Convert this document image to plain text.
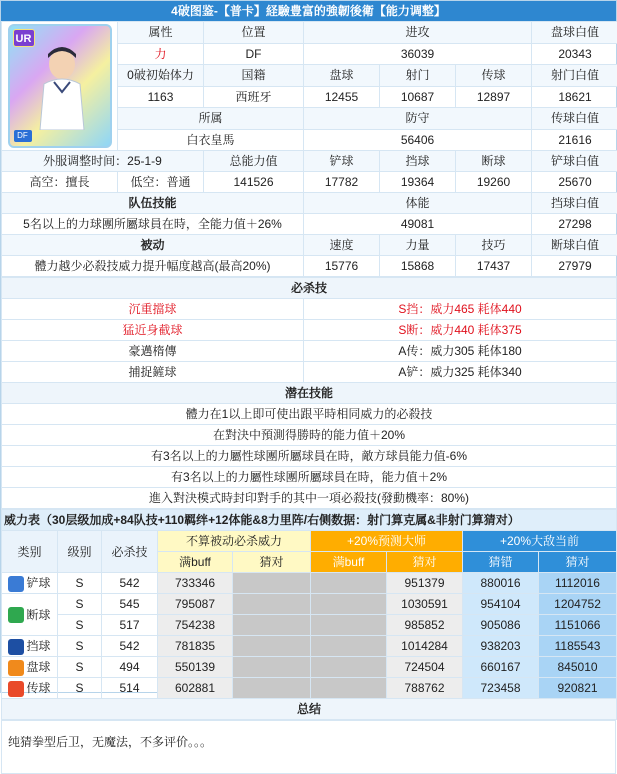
4破图鉴-【普卡】経驗豊富的強韌後衛【能力调整】
UR
DF	属性	位置	进攻			盘球白值
	力	DF	36039			20343
	0破初始体力	国籍	盘球	射门	传球	射门白值
	1163	西班牙	12455	10687	12897	18621
	所属		防守			传球白值
	白衣皇馬		56406			21616
外服调整时间：25-1-9		总能力值	铲球	挡球	断球	铲球白值
高空：擅長	低空：普通	141526	17782	19364	19260	25670
队伍技能			体能			挡球白值
5名以上的力球團所屬球員在時，全能力值＋26%			49081			27298
被动			速度	力量	技巧	断球白值
體力越少必殺技威力提升幅度越高(最高20%)			15776	15868	17437	27979
必杀技	
沉重擋球	S挡：威力465 耗体440
猛近身截球	S断：威力440 耗体375
豪邁楕傳	A传：威力305 耗体180
捕捉鏟球	A铲：威力325 耗体340
潜在技能	
體力在1以上即可使出跟平時相同威力的必殺技	
在對決中預測得勝時的能力值＋20%	
有3名以上的力屬性球團所屬球員在時，敵方球員能力值-6%	
有3名以上的力屬性球團所屬球員在時，能力值＋2%	
進入對決模式時封印對手的其中一項必殺技(發動機率：80%)	
威力表（30层级加成+84队技+110羁绊+12体能&8力里阵/右侧数据：射门算克属&非射门算猜对）								
类别	级别	必杀技	不算被动必杀威力		+20%预测大师		+20%大敌当前	
			满buff	猜对	满buff	猜对	猜错	猜对
铲球	S	542	733346			951379	880016	1112016
断球	S	545	795087			1030591	954104	1204752
	S	517	754238			985852	905086	1151066
挡球	S	542	781835			1014284	938203	1185543
盘球	S	494	550139			724504	660167	845010
传球	S	514	602881			788762	723458	920821
总结								
纯猜拳型后卫，无魔法，不多评价。。。
